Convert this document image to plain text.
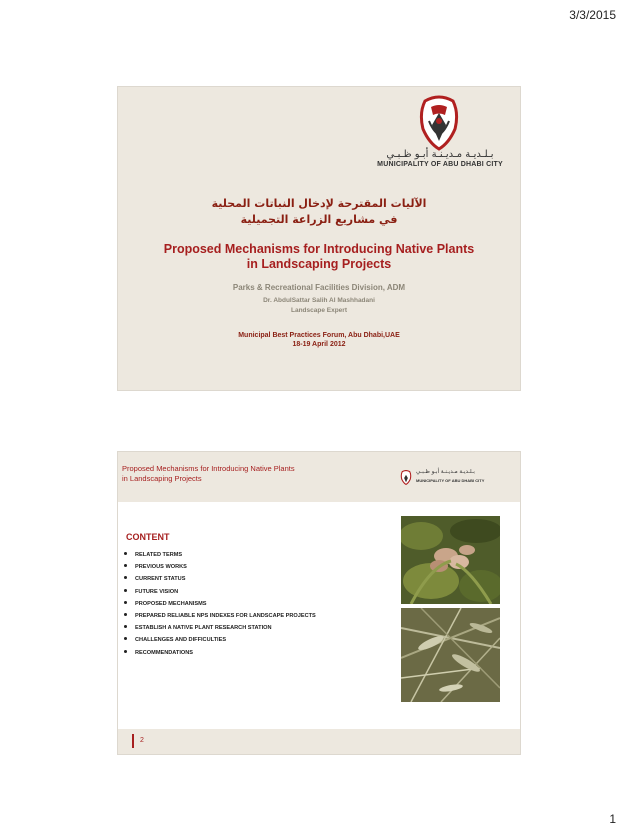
3/3/2015
بـلـديـة مـديـنـة أبـو ظـبـي
MUNICIPALITY OF ABU DHABI CITY
الآليات المقترحة لإدخال النباتات المحلية
في مشاريع الزراعة التجميلية
Proposed Mechanisms for Introducing Native Plants
in Landscaping Projects
Parks & Recreational Facilities Division, ADM
Dr. AbdulSattar Salih Al Mashhadani
Landscape Expert
Municipal Best Practices Forum, Abu Dhabi,UAE
18-19 April 2012
Proposed Mechanisms for Introducing Native Plants
in Landscaping Projects
بـلـديـة مـديـنـة أبـو ظـبـي
MUNICIPALITY OF ABU DHABI CITY
CONTENT
RELATED TERMS
PREVIOUS WORKS
CURRENT STATUS
FUTURE VISION
PROPOSED MECHANISMS
PREPARED RELIABLE NPS INDEXES FOR LANDSCAPE PROJECTS
ESTABLISH A NATIVE PLANT RESEARCH STATION
CHALLENGES AND DIFFICULTIES
RECOMMENDATIONS
2
1
